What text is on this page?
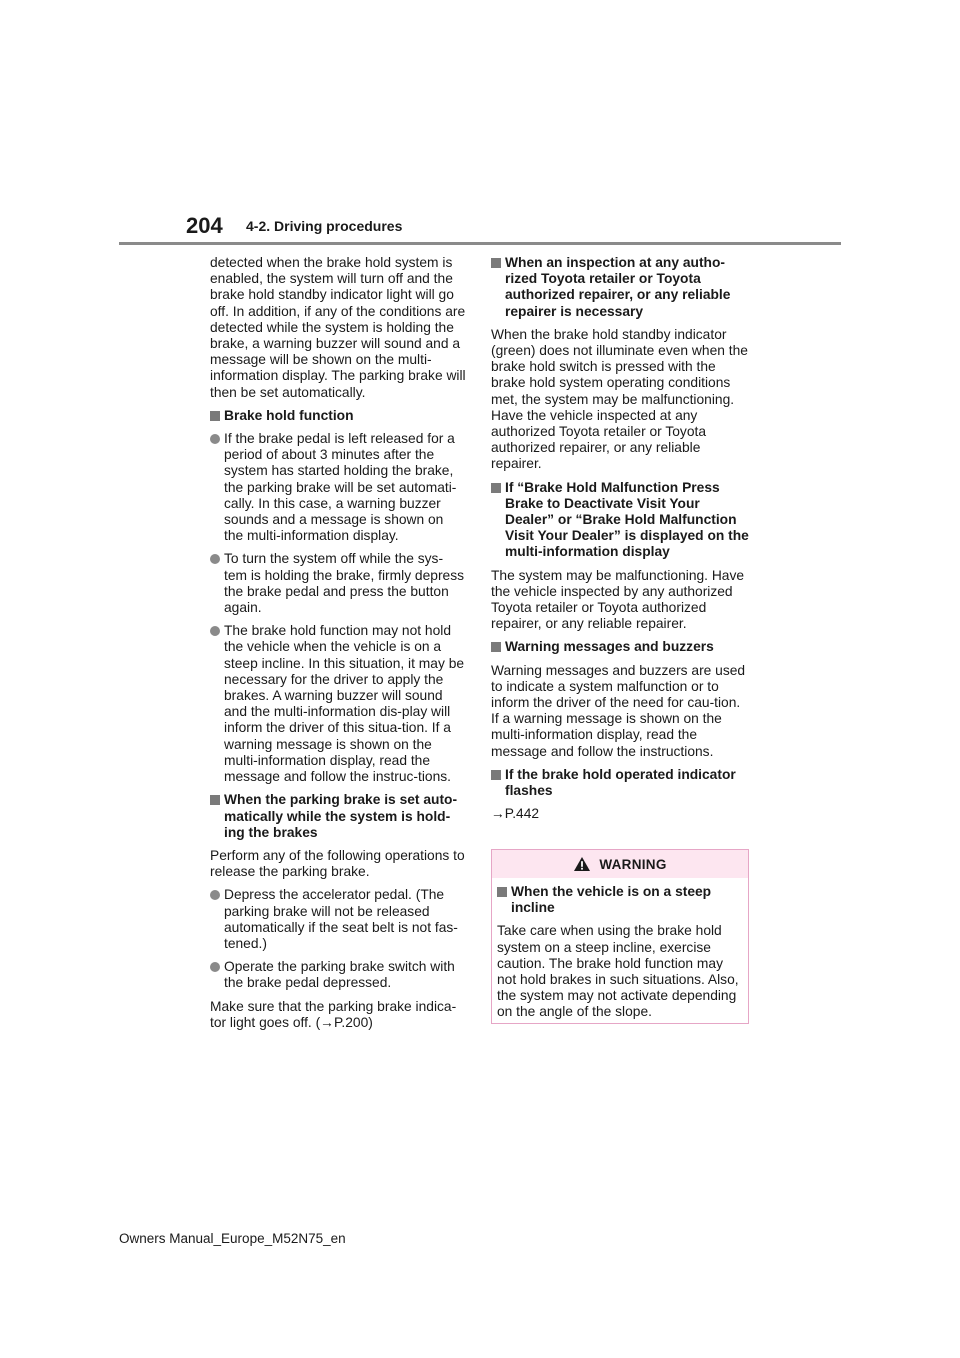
204 4-2. Driving procedures

detected when the brake hold system is enabled, the system will turn off and the brake hold standby indicator light will go off. In addition, if any of the conditions are detected while the system is holding the brake, a warning buzzer will sound and a message will be shown on the multi-information display. The parking brake will then be set automatically.

Brake hold function
If the brake pedal is left released for a period of about 3 minutes after the system has started holding the brake, the parking brake will be set automati-cally. In this case, a warning buzzer sounds and a message is shown on the multi-information display.
To turn the system off while the sys-tem is holding the brake, firmly depress the brake pedal and press the button again.
The brake hold function may not hold the vehicle when the vehicle is on a steep incline. In this situation, it may be necessary for the driver to apply the brakes. A warning buzzer will sound and the multi-information dis-play will inform the driver of this situa-tion. If a warning message is shown on the multi-information display, read the message and follow the instruc-tions.
When the parking brake is set auto-matically while the system is hold-ing the brakes

Perform any of the following operations to release the parking brake.

Depress the accelerator pedal. (The parking brake will not be released automatically if the seat belt is not fas-tened.)
Operate the parking brake switch with the brake pedal depressed.

Make sure that the parking brake indica-tor light goes off. (→P.200)

When an inspection at any autho-rized Toyota retailer or Toyota authorized repairer, or any reliable repairer is necessary

When the brake hold standby indicator (green) does not illuminate even when the brake hold switch is pressed with the brake hold system operating conditions met, the system may be malfunctioning. Have the vehicle inspected at any authorized Toyota retailer or Toyota authorized repairer, or any reliable repairer.

If “Brake Hold Malfunction Press Brake to Deactivate Visit Your Dealer” or “Brake Hold Malfunction Visit Your Dealer” is displayed on the multi-information display

The system may be malfunctioning. Have the vehicle inspected by any authorized Toyota retailer or Toyota authorized repairer, or any reliable repairer.

Warning messages and buzzers

Warning messages and buzzers are used to indicate a system malfunction or to inform the driver of the need for cau-tion. If a warning message is shown on the multi-information display, read the message and follow the instructions.

If the brake hold operated indicator flashes

→P.442

WARNING
When the vehicle is on a steep incline

Take care when using the brake hold system on a steep incline, exercise caution. The brake hold function may not hold brakes in such situations. Also, the system may not activate depending on the angle of the slope.

Owners Manual_Europe_M52N75_en
